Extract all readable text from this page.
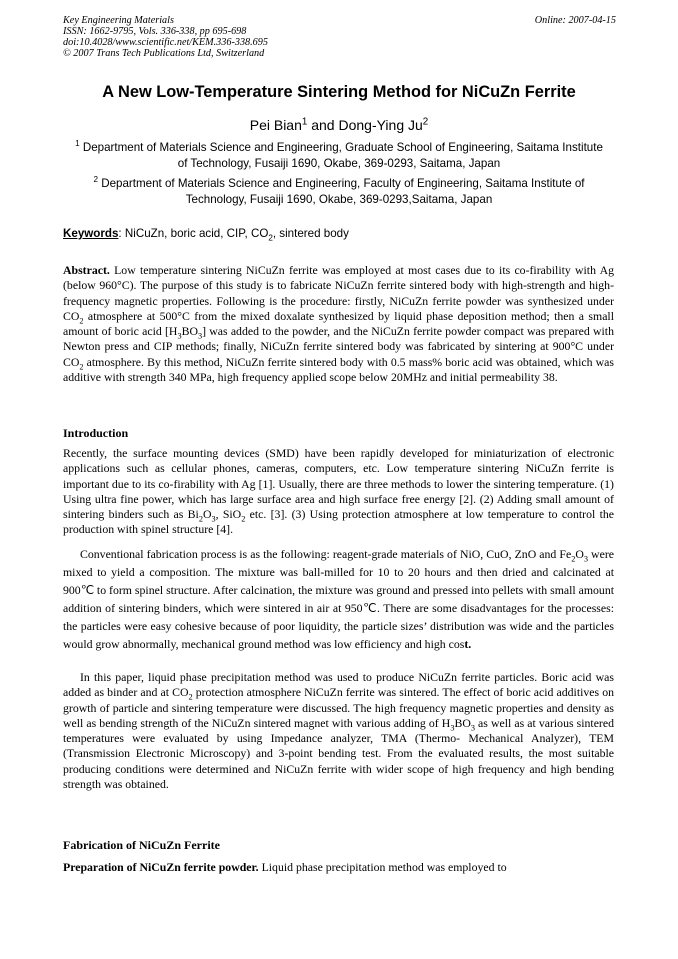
Key Engineering Materials
ISSN: 1662-9795, Vols. 336-338, pp 695-698
doi:10.4028/www.scientific.net/KEM.336-338.695
© 2007 Trans Tech Publications Ltd, Switzerland
Online: 2007-04-15
A New Low-Temperature Sintering Method for NiCuZn Ferrite
Pei Bian$^1$ and Dong-Ying Ju$^2$
$^1$ Department of Materials Science and Engineering, Graduate School of Engineering, Saitama Institute of Technology, Fusaiji 1690, Okabe, 369-0293, Saitama, Japan
$^2$ Department of Materials Science and Engineering, Faculty of Engineering, Saitama Institute of Technology, Fusaiji 1690, Okabe, 369-0293,Saitama, Japan
Keywords: NiCuZn, boric acid, CIP, $CO_2$, sintered body
Abstract. Low temperature sintering NiCuZn ferrite was employed at most cases due to its co-firability with Ag (below 960°C). The purpose of this study is to fabricate NiCuZn ferrite sintered body with high-strength and high-frequency magnetic properties. Following is the procedure: firstly, NiCuZn ferrite powder was synthesized under $CO_2$ atmosphere at 500°C from the mixed doxalate synthesized by liquid phase deposition method; then a small amount of boric acid $[H_3BO_3]$ was added to the powder, and the NiCuZn ferrite powder compact was prepared with Newton press and CIP methods; finally, NiCuZn ferrite sintered body was fabricated by sintering at 900°C under $CO_2$ atmosphere. By this method, NiCuZn ferrite sintered body with 0.5 mass% boric acid was obtained, which was additive with strength 340 MPa, high frequency applied scope below 20MHz and initial permeability 38.
Introduction
Recently, the surface mounting devices (SMD) have been rapidly developed for miniaturization of electronic applications such as cellular phones, cameras, computers, etc. Low temperature sintering NiCuZn ferrite is important due to its co-firability with Ag [1]. Usually, there are three methods to lower the sintering temperature. (1) Using ultra fine power, which has large surface area and high surface free energy [2]. (2) Adding small amount of sintering binders such as $Bi_2O_3$, SiO$_2$ etc. [3]. (3) Using protection atmosphere at low temperature to control the production with spinel structure [4].
Conventional fabrication process is as the following: reagent-grade materials of NiO, CuO, ZnO and $Fe_2O_3$ were mixed to yield a composition. The mixture was ball-milled for 10 to 20 hours and then dried and calcinated at 900℃ to form spinel structure. After calcination, the mixture was ground and pressed into pellets with small amount addition of sintering binders, which were sintered in air at 950℃. There are some disadvantages for the processes: the particles were easy cohesive because of poor liquidity, the particle sizes’ distribution was wide and the particles would grow abnormally, mechanical ground method was low efficiency and high cost.
In this paper, liquid phase precipitation method was used to produce NiCuZn ferrite particles. Boric acid was added as binder and at $CO_2$ protection atmosphere NiCuZn ferrite was sintered. The effect of boric acid additives on growth of particle and sintering temperature were discussed. The high frequency magnetic properties and density as well as bending strength of the NiCuZn sintered magnet with various adding of $H_3BO_3$ as well as at various sintered temperatures were evaluated by using Impedance analyzer, TMA (Thermo- Mechanical Analyzer), TEM (Transmission Electronic Microscopy) and 3-point bending test. From the evaluated results, the most suitable producing conditions were determined and NiCuZn ferrite with wider scope of high frequency and high bending strength was obtained.
Fabrication of NiCuZn Ferrite
Preparation of NiCuZn ferrite powder. Liquid phase precipitation method was employed to
